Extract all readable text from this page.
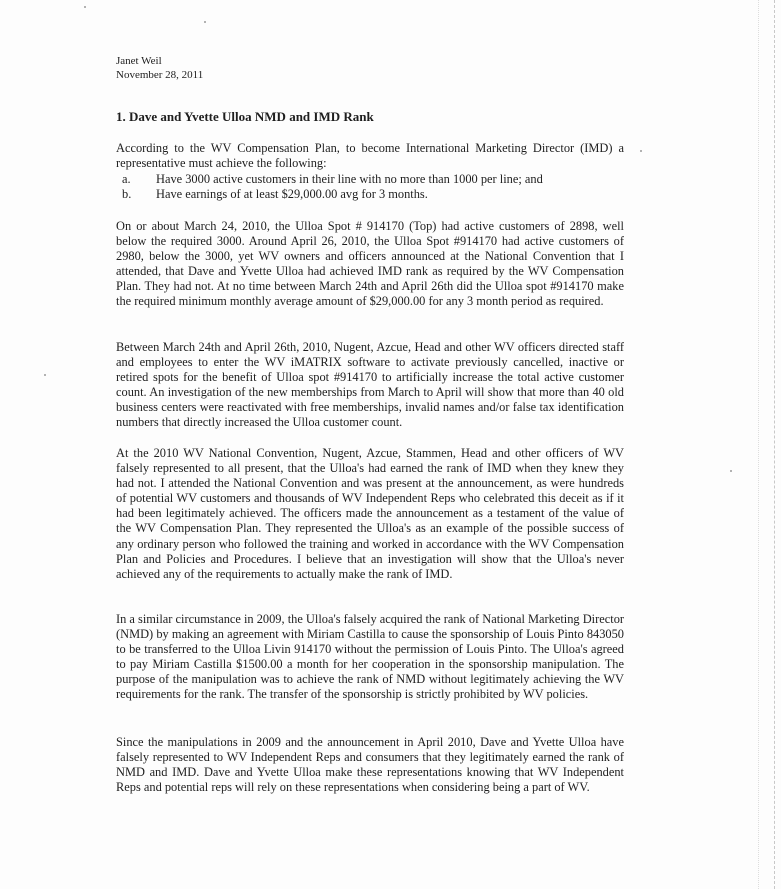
Janet Weil
November 28, 2011
1. Dave and Yvette Ulloa NMD and IMD Rank

According to the WV Compensation Plan, to become International Marketing Director (IMD) a representative must achieve the following:

a.	Have 3000 active customers in their line with no more than 1000 per line; and
b.	Have earnings of at least $29,000.00 avg for 3 months.

On or about March 24, 2010, the Ulloa Spot # 914170 (Top) had active customers of 2898, well below the required 3000. Around April 26, 2010, the Ulloa Spot #914170 had active customers of 2980, below the 3000, yet WV owners and officers announced at the National Convention that I attended, that Dave and Yvette Ulloa had achieved IMD rank as required by the WV Compensation Plan. They had not. At no time between March 24th and April 26th did the Ulloa spot #914170 make the required minimum monthly average amount of $29,000.00 for any 3 month period as required.

Between March 24th and April 26th, 2010, Nugent, Azcue, Head and other WV officers directed staff and employees to enter the WV iMATRIX software to activate previously cancelled, inactive or retired spots for the benefit of Ulloa spot #914170 to artificially increase the total active customer count. An investigation of the new memberships from March to April will show that more than 40 old business centers were reactivated with free memberships, invalid names and/or false tax identification numbers that directly increased the Ulloa customer count.

At the 2010 WV National Convention, Nugent, Azcue, Stammen, Head and other officers of WV falsely represented to all present, that the Ulloa's had earned the rank of IMD when they knew they had not. I attended the National Convention and was present at the announcement, as were hundreds of potential WV customers and thousands of WV Independent Reps who celebrated this deceit as if it had been legitimately achieved. The officers made the announcement as a testament of the value of the WV Compensation Plan. They represented the Ulloa's as an example of the possible success of any ordinary person who followed the training and worked in accordance with the WV Compensation Plan and Policies and Procedures. I believe that an investigation will show that the Ulloa's never achieved any of the requirements to actually make the rank of IMD.

In a similar circumstance in 2009, the Ulloa's falsely acquired the rank of National Marketing Director (NMD) by making an agreement with Miriam Castilla to cause the sponsorship of Louis Pinto 843050 to be transferred to the Ulloa Livin 914170 without the permission of Louis Pinto. The Ulloa's agreed to pay Miriam Castilla $1500.00 a month for her cooperation in the sponsorship manipulation. The purpose of the manipulation was to achieve the rank of NMD without legitimately achieving the WV requirements for the rank. The transfer of the sponsorship is strictly prohibited by WV policies.

Since the manipulations in 2009 and the announcement in April 2010, Dave and Yvette Ulloa have falsely represented to WV Independent Reps and consumers that they legitimately earned the rank of NMD and IMD. Dave and Yvette Ulloa make these representations knowing that WV Independent Reps and potential reps will rely on these representations when considering being a part of WV.
